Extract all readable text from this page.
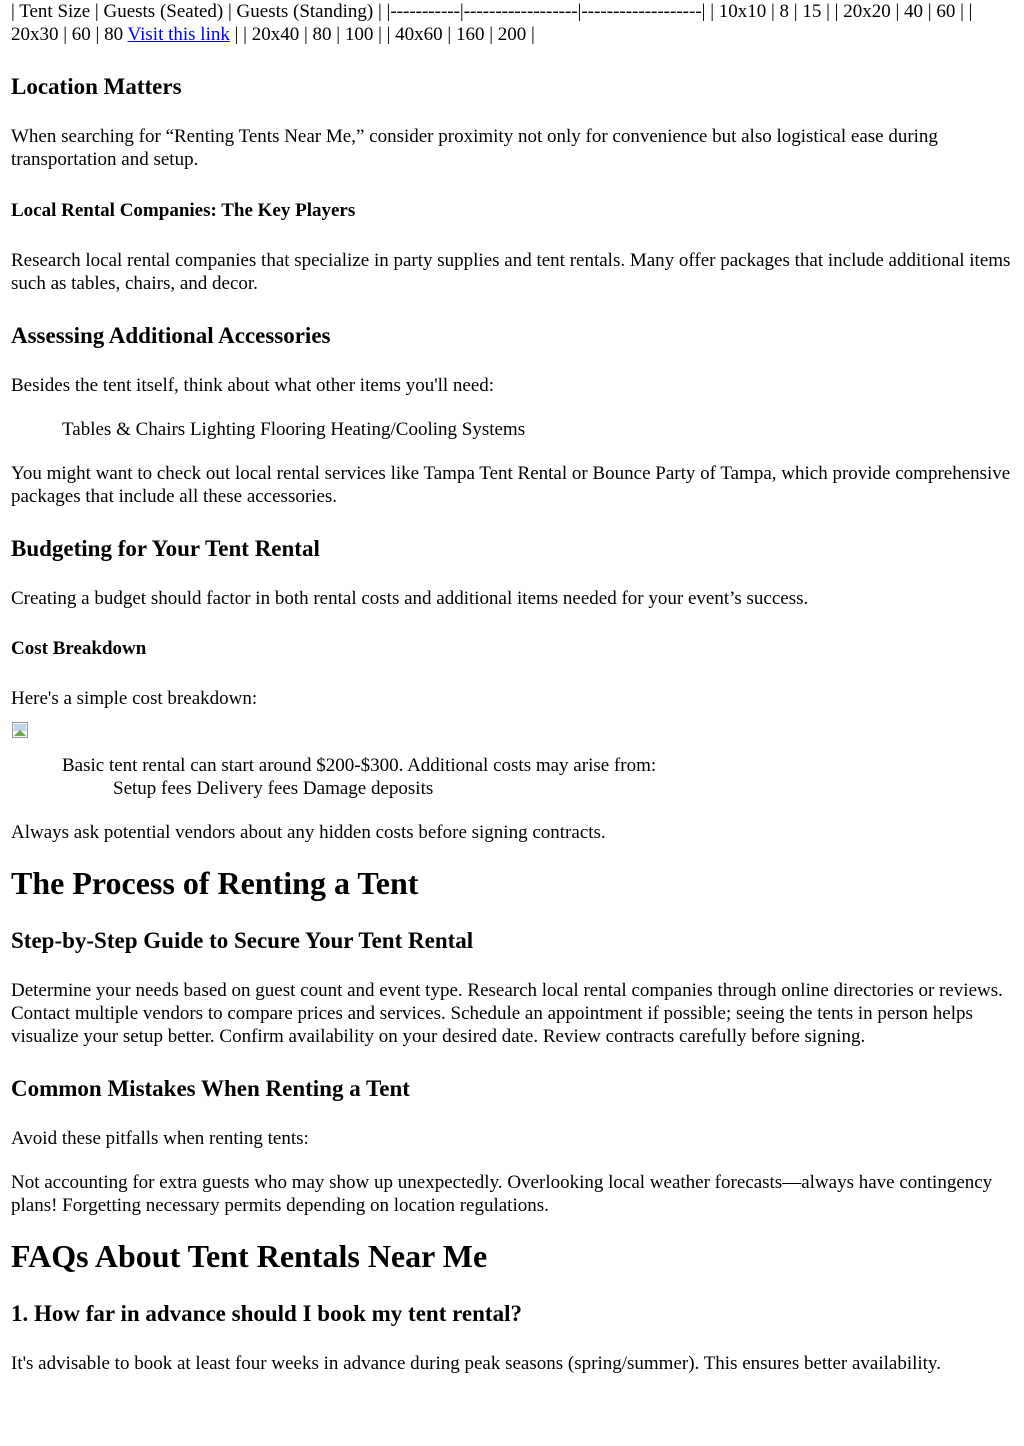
| Tent Size | Guests (Seated) | Guests (Standing) | |-----------|------------------|-------------------| | 10x10 | 8 | 15 | | 20x20 | 40 | 60 | | 20x30 | 60 | 80 Visit this link | | 20x40 | 80 | 100 | | 40x60 | 160 | 200 |

Location Matters

When searching for “Renting Tents Near Me,” consider proximity not only for convenience but also logistical ease during transportation and setup.

Local Rental Companies: The Key Players

Research local rental companies that specialize in party supplies and tent rentals. Many offer packages that include additional items such as tables, chairs, and decor.

Assessing Additional Accessories

Besides the tent itself, think about what other items you'll need:

Tables & Chairs Lighting Flooring Heating/Cooling Systems

You might want to check out local rental services like Tampa Tent Rental or Bounce Party of Tampa, which provide comprehensive packages that include all these accessories.

Budgeting for Your Tent Rental

Creating a budget should factor in both rental costs and additional items needed for your event’s success.

Cost Breakdown

Here's a simple cost breakdown:

Basic tent rental can start around $200-$300. Additional costs may arise from:

Setup fees Delivery fees Damage deposits

Always ask potential vendors about any hidden costs before signing contracts.

The Process of Renting a Tent
Step-by-Step Guide to Secure Your Tent Rental

Determine your needs based on guest count and event type. Research local rental companies through online directories or reviews. Contact multiple vendors to compare prices and services. Schedule an appointment if possible; seeing the tents in person helps visualize your setup better. Confirm availability on your desired date. Review contracts carefully before signing.

Common Mistakes When Renting a Tent

Avoid these pitfalls when renting tents:

Not accounting for extra guests who may show up unexpectedly. Overlooking local weather forecasts—always have contingency plans! Forgetting necessary permits depending on location regulations.

FAQs About Tent Rentals Near Me
1. How far in advance should I book my tent rental?

It's advisable to book at least four weeks in advance during peak seasons (spring/summer). This ensures better availability.
